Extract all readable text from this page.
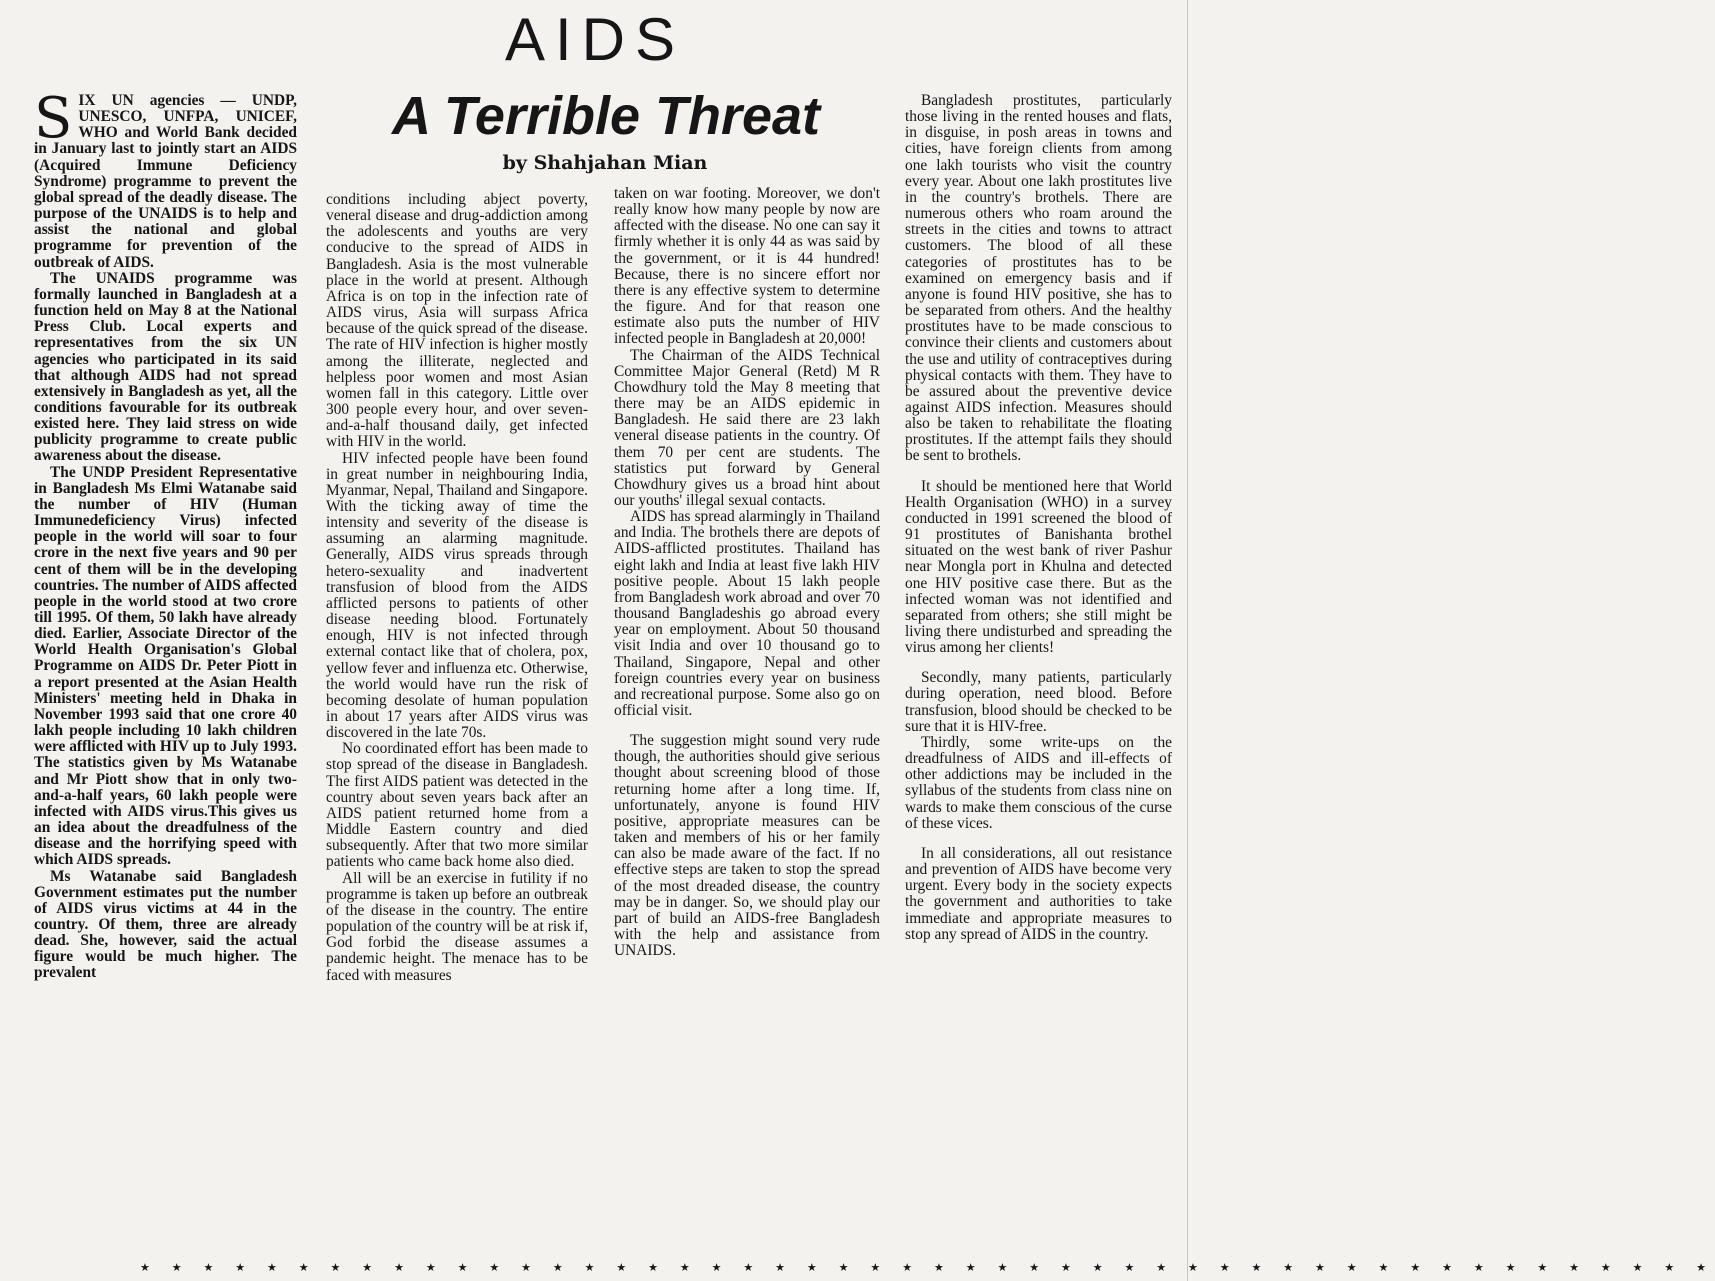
AIDS
A Terrible Threat
by Shahjahan Mian

SIX UN agencies — UNDP, UNESCO, UNFPA, UNICEF, WHO and World Bank decided in January last to jointly start an AIDS (Acquired Immune Deficiency Syndrome) programme to prevent the global spread of the deadly disease. The purpose of the UNAIDS is to help and assist the national and global programme for prevention of the outbreak of AIDS.

The UNAIDS programme was formally launched in Bangladesh at a function held on May 8 at the National Press Club. Local experts and representatives from the six UN agencies who participated in its said that although AIDS had not spread extensively in Bangladesh as yet, all the conditions favourable for its outbreak existed here. They laid stress on wide publicity programme to create public awareness about the disease.

The UNDP President Representative in Bangladesh Ms Elmi Watanabe said the number of HIV (Human Immunedeficiency Virus) infected people in the world will soar to four crore in the next five years and 90 per cent of them will be in the developing countries. The number of AIDS affected people in the world stood at two crore till 1995. Of them, 50 lakh have already died. Earlier, Associate Director of the World Health Organisation's Global Programme on AIDS Dr. Peter Piott in a report presented at the Asian Health Ministers' meeting held in Dhaka in November 1993 said that one crore 40 lakh people including 10 lakh children were afflicted with HIV up to July 1993. The statistics given by Ms Watanabe and Mr Piott show that in only two-and-a-half years, 60 lakh people were infected with AIDS virus.This gives us an idea about the dreadfulness of the disease and the horrifying speed with which AIDS spreads.

Ms Watanabe said Bangladesh Government estimates put the number of AIDS virus victims at 44 in the country. Of them, three are already dead. She, however, said the actual figure would be much higher. The prevalent

conditions including abject poverty, veneral disease and drug-addiction among the adolescents and youths are very conducive to the spread of AIDS in Bangladesh. Asia is the most vulnerable place in the world at present. Although Africa is on top in the infection rate of AIDS virus, Asia will surpass Africa because of the quick spread of the disease. The rate of HIV infection is higher mostly among the illiterate, neglected and helpless poor women and most Asian women fall in this category. Little over 300 people every hour, and over seven-and-a-half thousand daily, get infected with HIV in the world.

HIV infected people have been found in great number in neighbouring India, Myanmar, Nepal, Thailand and Singapore. With the ticking away of time the intensity and severity of the disease is assuming an alarming magnitude. Generally, AIDS virus spreads through hetero-sexuality and inadvertent transfusion of blood from the AIDS afflicted persons to patients of other disease needing blood. Fortunately enough, HIV is not infected through external contact like that of cholera, pox, yellow fever and influenza etc. Otherwise, the world would have run the risk of becoming desolate of human population in about 17 years after AIDS virus was discovered in the late 70s.

No coordinated effort has been made to stop spread of the disease in Bangladesh. The first AIDS patient was detected in the country about seven years back after an AIDS patient returned home from a Middle Eastern country and died subsequently. After that two more similar patients who came back home also died.

All will be an exercise in futility if no programme is taken up before an outbreak of the disease in the country. The entire population of the country will be at risk if, God forbid the disease assumes a pandemic height. The menace has to be faced with measures

taken on war footing. Moreover, we don't really know how many people by now are affected with the disease. No one can say it firmly whether it is only 44 as was said by the government, or it is 44 hundred! Because, there is no sincere effort nor there is any effective system to determine the figure. And for that reason one estimate also puts the number of HIV infected people in Bangladesh at 20,000!

The Chairman of the AIDS Technical Committee Major General (Retd) M R Chowdhury told the May 8 meeting that there may be an AIDS epidemic in Bangladesh. He said there are 23 lakh veneral disease patients in the country. Of them 70 per cent are students. The statistics put forward by General Chowdhury gives us a broad hint about our youths' illegal sexual contacts.

AIDS has spread alarmingly in Thailand and India. The brothels there are depots of AIDS-afflicted prostitutes. Thailand has eight lakh and India at least five lakh HIV positive people. About 15 lakh people from Bangladesh work abroad and over 70 thousand Bangladeshis go abroad every year on employment. About 50 thousand visit India and over 10 thousand go to Thailand, Singapore, Nepal and other foreign countries every year on business and recreational purpose. Some also go on official visit.

The suggestion might sound very rude though, the authorities should give serious thought about screening blood of those returning home after a long time. If, unfortunately, anyone is found HIV positive, appropriate measures can be taken and members of his or her family can also be made aware of the fact. If no effective steps are taken to stop the spread of the most dreaded disease, the country may be in danger. So, we should play our part of build an AIDS-free Bangladesh with the help and assistance from UNAIDS.

Bangladesh prostitutes, particularly those living in the rented houses and flats, in disguise, in posh areas in towns and cities, have foreign clients from among one lakh tourists who visit the country every year. About one lakh prostitutes live in the country's brothels. There are numerous others who roam around the streets in the cities and towns to attract customers. The blood of all these categories of prostitutes has to be examined on emergency basis and if anyone is found HIV positive, she has to be separated from others. And the healthy prostitutes have to be made conscious to convince their clients and customers about the use and utility of contraceptives during physical contacts with them. They have to be assured about the preventive device against AIDS infection. Measures should also be taken to rehabilitate the floating prostitutes. If the attempt fails they should be sent to brothels.

It should be mentioned here that World Health Organisation (WHO) in a survey conducted in 1991 screened the blood of 91 prostitutes of Banishanta brothel situated on the west bank of river Pashur near Mongla port in Khulna and detected one HIV positive case there. But as the infected woman was not identified and separated from others; she still might be living there undisturbed and spreading the virus among her clients!

Secondly, many patients, particularly during operation, need blood. Before transfusion, blood should be checked to be sure that it is HIV-free.

Thirdly, some write-ups on the dreadfulness of AIDS and ill-effects of other addictions may be included in the syllabus of the students from class nine on wards to make them conscious of the curse of these vices.

In all considerations, all out resistance and prevention of AIDS have become very urgent. Every body in the society expects the government and authorities to take immediate and appropriate measures to stop any spread of AIDS in the country.

★ ★ ★ ★ ★ ★ ★ ★ ★ ★ ★ ★ ★ ★ ★ ★ ★ ★ ★ ★ ★ ★ ★ ★ ★ ★ ★ ★ ★ ★ ★ ★ ★ ★ ★ ★ ★ ★ ★ ★ ★ ★ ★ ★ ★ ★ ★ ★ ★ ★
